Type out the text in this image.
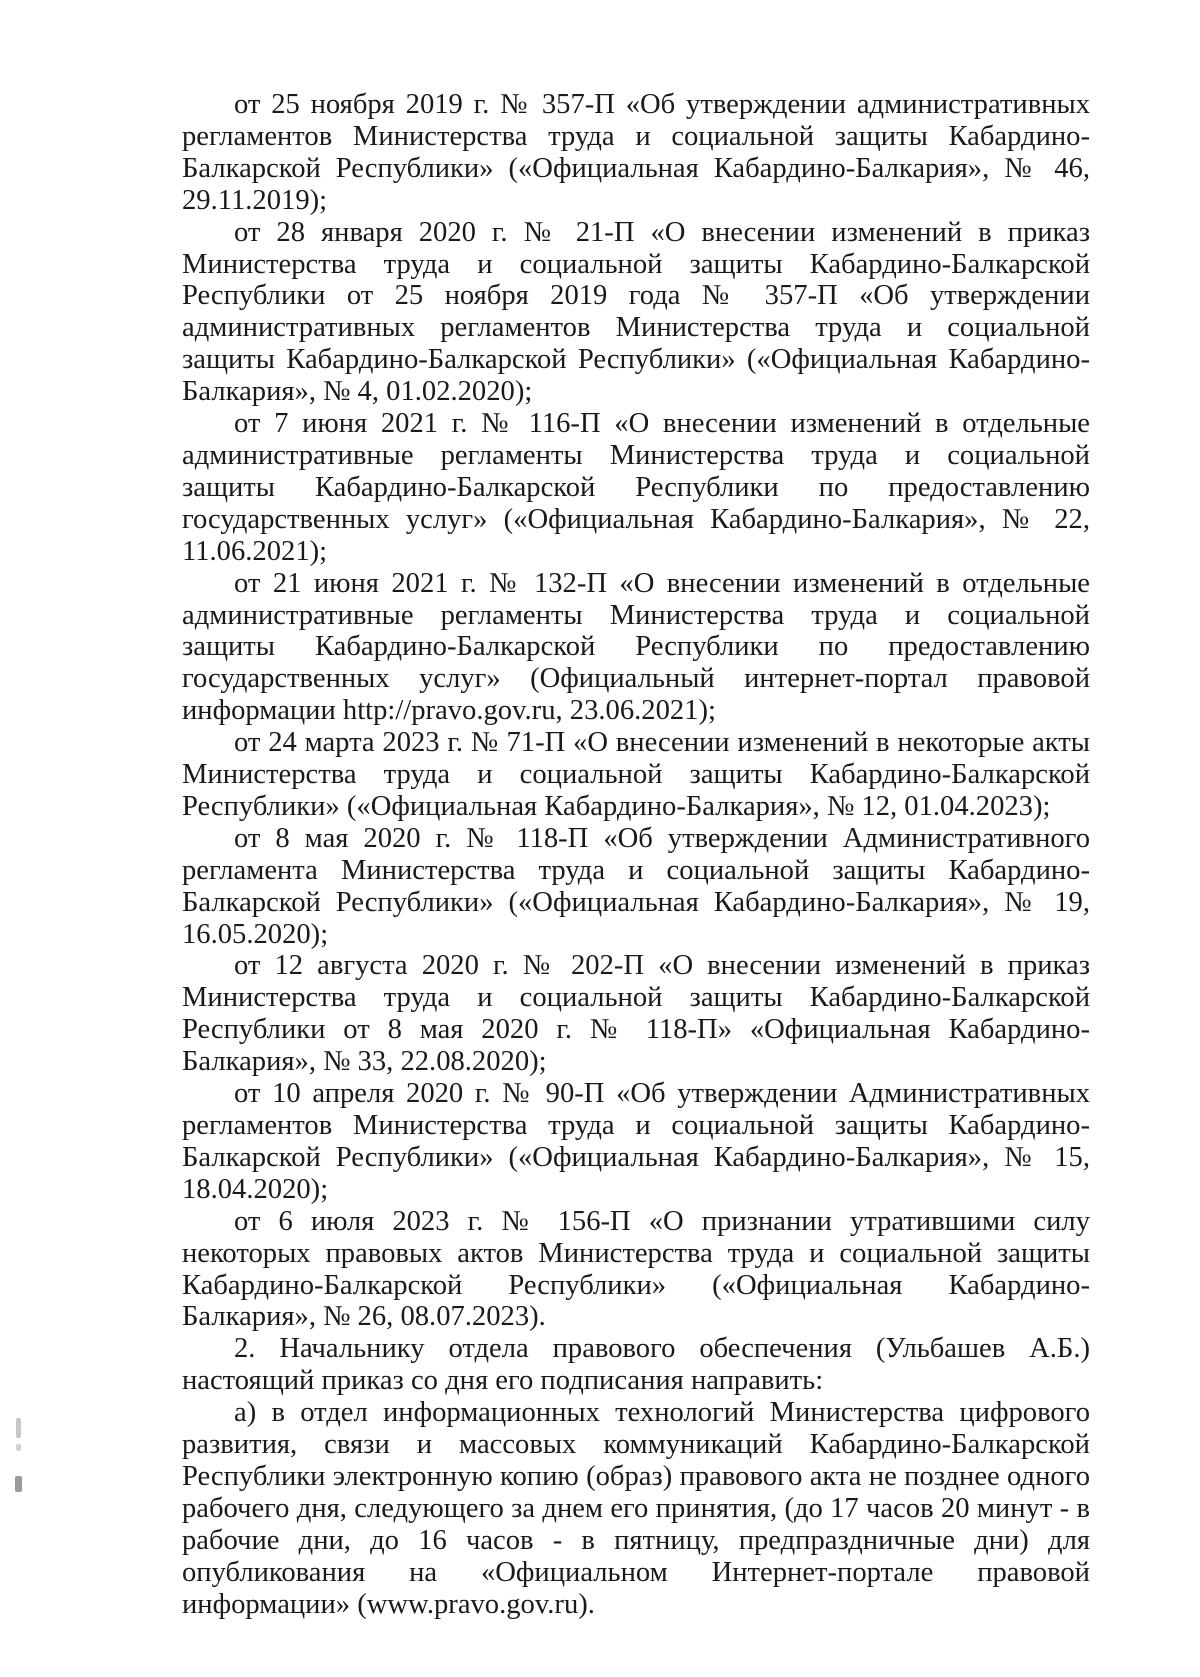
от 25 ноября 2019 г. № 357-П «Об утверждении административных регламентов Министерства труда и социальной защиты Кабардино-Балкарской Республики» («Официальная Кабардино-Балкария», № 46, 29.11.2019);

от 28 января 2020 г. № 21-П «О внесении изменений в приказ Министерства труда и социальной защиты Кабардино-Балкарской Республики от 25 ноября 2019 года № 357-П «Об утверждении административных регламентов Министерства труда и социальной защиты Кабардино-Балкарской Республики» («Официальная Кабардино-Балкария», № 4, 01.02.2020);

от 7 июня 2021 г. № 116-П «О внесении изменений в отдельные административные регламенты Министерства труда и социальной защиты Кабардино-Балкарской Республики по предоставлению государственных услуг» («Официальная Кабардино-Балкария», № 22, 11.06.2021);

от 21 июня 2021 г. № 132-П «О внесении изменений в отдельные административные регламенты Министерства труда и социальной защиты Кабардино-Балкарской Республики по предоставлению государственных услуг» (Официальный интернет-портал правовой информации http://pravo.gov.ru, 23.06.2021);

от 24 марта 2023 г. № 71-П «О внесении изменений в некоторые акты Министерства труда и социальной защиты Кабардино-Балкарской Республики» («Официальная Кабардино-Балкария», № 12, 01.04.2023);

от 8 мая 2020 г. № 118-П «Об утверждении Административного регламента Министерства труда и социальной защиты Кабардино-Балкарской Республики» («Официальная Кабардино-Балкария», № 19, 16.05.2020);

от 12 августа 2020 г. № 202-П «О внесении изменений в приказ Министерства труда и социальной защиты Кабардино-Балкарской Республики от 8 мая 2020 г. № 118-П» «Официальная Кабардино-Балкария», № 33, 22.08.2020);

от 10 апреля 2020 г. № 90-П «Об утверждении Административных регламентов Министерства труда и социальной защиты Кабардино-Балкарской Республики» («Официальная Кабардино-Балкария», № 15, 18.04.2020);

от 6 июля 2023 г. № 156-П «О признании утратившими силу некоторых правовых актов Министерства труда и социальной защиты Кабардино-Балкарской Республики» («Официальная Кабардино-Балкария», № 26, 08.07.2023).

2. Начальнику отдела правового обеспечения (Ульбашев А.Б.) настоящий приказ со дня его подписания направить:

а) в отдел информационных технологий Министерства цифрового развития, связи и массовых коммуникаций Кабардино-Балкарской Республики электронную копию (образ) правового акта не позднее одного рабочего дня, следующего за днем его принятия, (до 17 часов 20 минут - в рабочие дни, до 16 часов - в пятницу, предпраздничные дни) для опубликования на «Официальном Интернет-портале правовой информации» (www.pravo.gov.ru).
